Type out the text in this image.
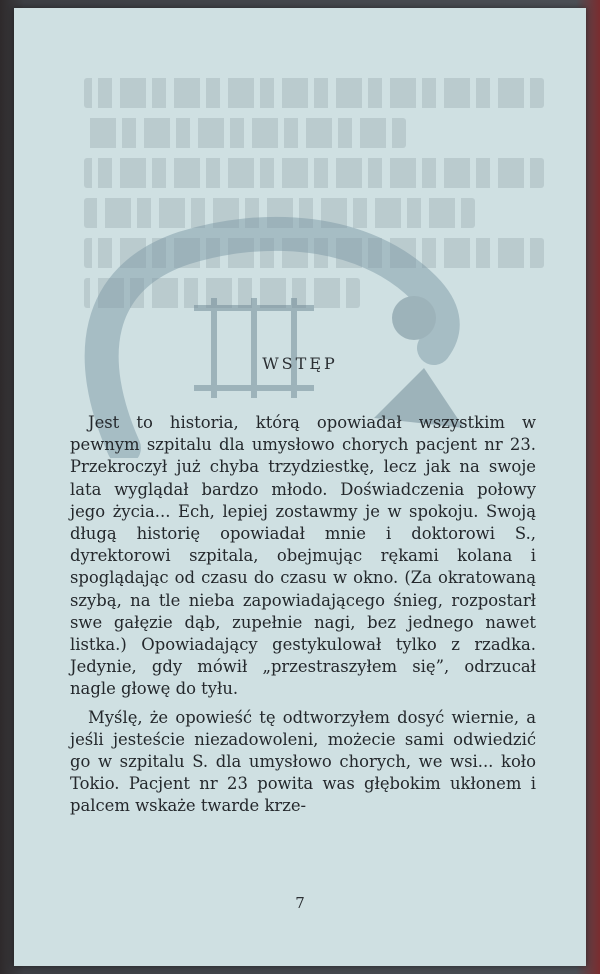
WSTĘP

Jest to historia, którą opowiadał wszystkim w pewnym szpitalu dla umysłowo chorych pacjent nr 23. Przekroczył już chyba trzydziestkę, lecz jak na swoje lata wyglądał bardzo młodo. Doświadczenia połowy jego życia... Ech, lepiej zostawmy je w spokoju. Swoją długą historię opowiadał mnie i doktorowi S., dyrektorowi szpitala, obejmując rękami kolana i spoglądając od czasu do czasu w okno. (Za okratowaną szybą, na tle nieba zapowiadającego śnieg, rozpostarł swe gałęzie dąb, zupełnie nagi, bez jednego nawet listka.) Opowiadający gestykulował tylko z rzadka. Jedynie, gdy mówił „przestraszyłem się”, odrzucał nagle głowę do tyłu.

Myślę, że opowieść tę odtworzyłem dosyć wiernie, a jeśli jesteście niezadowoleni, możecie sami odwiedzić go w szpitalu S. dla umysłowo chorych, we wsi... koło Tokio. Pacjent nr 23 powita was głębokim ukłonem i palcem wskaże twarde krze-

7
